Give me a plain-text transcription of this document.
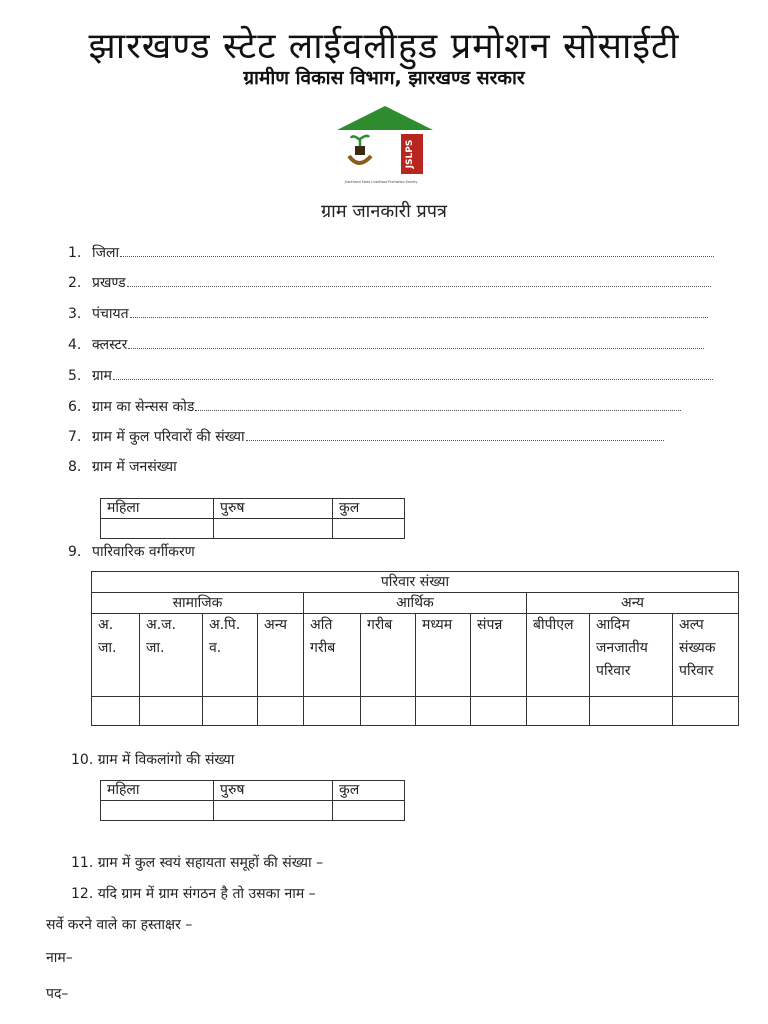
झारखण्ड स्टेट लाईवलीहुड प्रमोशन सोसाईटी
ग्रामीण विकास विभाग, झारखण्ड सरकार
JSLPS
Jharkhand State Livelihood Promotion Society
ग्राम जानकारी प्रपत्र
1. जिला
2. प्रखण्ड
3. पंचायत
4. क्लस्टर
5. ग्राम
6. ग्राम का सेन्सस कोड
7. ग्राम में कुल परिवारों की संख्या
8. ग्राम में जनसंख्या
महिला	पुरुष	कुल

9. पारिवारिक वर्गीकरण
परिवार संख्या										
सामाजिक				आर्थिक				अन्य		
अ. जा.	अ.ज. जा.	अ.पि. व.	अन्य	अति गरीब	गरीब	मध्यम	संपन्न	बीपीएल	आदिम जनजातीय परिवार	अल्प संख्यक परिवार

10. ग्राम में विकलांगो की संख्या
महिला	पुरुष	कुल

11. ग्राम में कुल स्वयं सहायता समूहों की संख्या –
12. यदि ग्राम में ग्राम संगठन है तो उसका नाम –
सर्वे करने वाले का हस्ताक्षर –
नाम–
पद–
